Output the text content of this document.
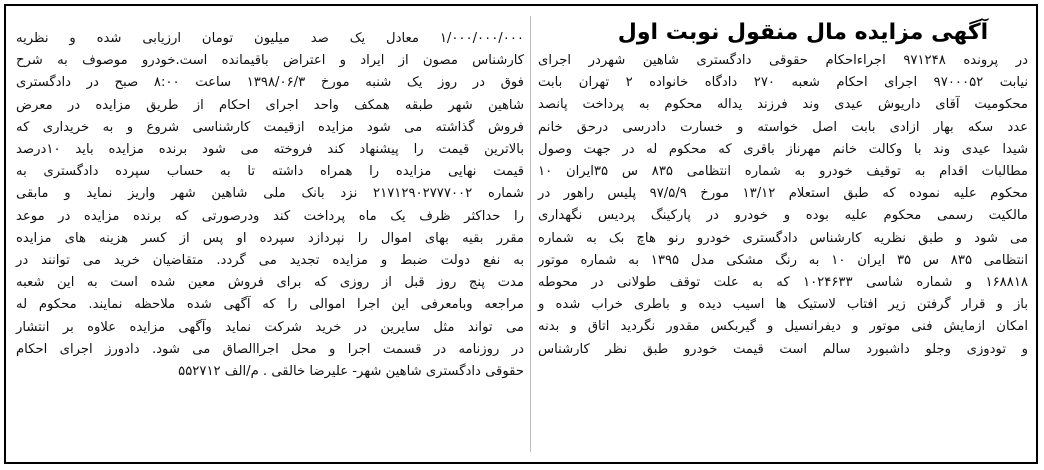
آگهی مزایده مال منقول نوبت اول
در پرونده ۹۷۱۲۴۸ اجراءاحکام حقوقی دادگستری شاهین شهردر اجرای
نیابت ۹۷۰۰۰۵۲ اجرای احکام شعبه ۲۷۰ دادگاه خانواده ۲ تهران بابت
محکومیت آقای داریوش عیدی وند فرزند یداله محکوم به پرداخت پانصد
عدد سکه بهار ازادی بابت اصل خواسته و خسارت دادرسی درحق خانم
شیدا عیدی وند با وکالت خانم مهرناز باقری که محکوم له در جهت وصول
مطالبات اقدام به توقیف خودرو به شماره انتظامی ۸۳۵ س ۳۵ایران ۱۰
محکوم علیه نموده که طبق استعلام ۱۳/۱۲ مورخ ۹۷/۵/۹ پلیس راهور در
مالکیت رسمی محکوم علیه بوده و خودرو در پارکینگ پردیس نگهداری
می شود و طبق نظریه کارشناس دادگستری خودرو رنو هاچ بک به شماره
انتظامی ۸۳۵ س ۳۵ ایران ۱۰ به رنگ مشکی مدل ۱۳۹۵ به شماره موتور
۱۶۸۸۱۸ و شماره شاسی ۱۰۲۴۶۳۳ که به علت توقف طولانی در محوطه
باز و قرار گرفتن زیر افتاب لاستیک ها اسیب دیده و باطری خراب شده و
امکان ازمایش فنی موتور و دیفرانسیل و گیربکس مقدور نگردید اتاق و بدنه
و تودوزی وجلو داشبورد سالم است قیمت خودرو طبق نظر کارشناس
۱/۰۰۰/۰۰۰/۰۰۰ معادل یک صد میلیون تومان ارزیابی شده و نظریه
کارشناس مصون از ایراد و اعتراض باقیمانده است.خودرو موصوف به شرح
فوق در روز یک شنبه مورخ ۱۳۹۸/۰۶/۳ ساعت ۸:۰۰ صبح در دادگستری
شاهین شهر طبقه همکف واحد اجرای احکام از طریق مزایده در معرض
فروش گذاشته می شود مزایده ازقیمت کارشناسی شروع و به خریداری که
بالاترین قیمت را پیشنهاد کند فروخته می شود برنده مزایده باید ۱۰درصد
قیمت نهایی مزایده را همراه داشته تا به حساب سپرده دادگستری به
شماره ۲۱۷۱۲۹۰۲۷۷۷۰۰۲ نزد بانک ملی شاهین شهر واریز نماید و مابقی
را حداکثر ظرف یک ماه پرداخت کند ودرصورتی که برنده مزایده در موعد
مقرر بقیه بهای اموال را نپردازد سپرده او پس از کسر هزینه های مزایده
به نفع دولت ضبط و مزایده تجدید می گردد. متقاضیان خرید می توانند در
مدت پنج روز قبل از روزی که برای فروش معین شده است به این شعبه
مراجعه وبامعرفی این اجرا اموالی را که آگهی شده ملاحظه نمایند. محکوم له
می تواند مثل سایرین در خرید شرکت نماید وآگهی مزایده علاوه بر انتشار
در روزنامه در قسمت اجرا و محل اجراالصاق می شود. دادورز اجرای احکام
حقوقی دادگستری شاهین شهر- علیرضا خالقی . م/الف ۵۵۲۷۱۲
